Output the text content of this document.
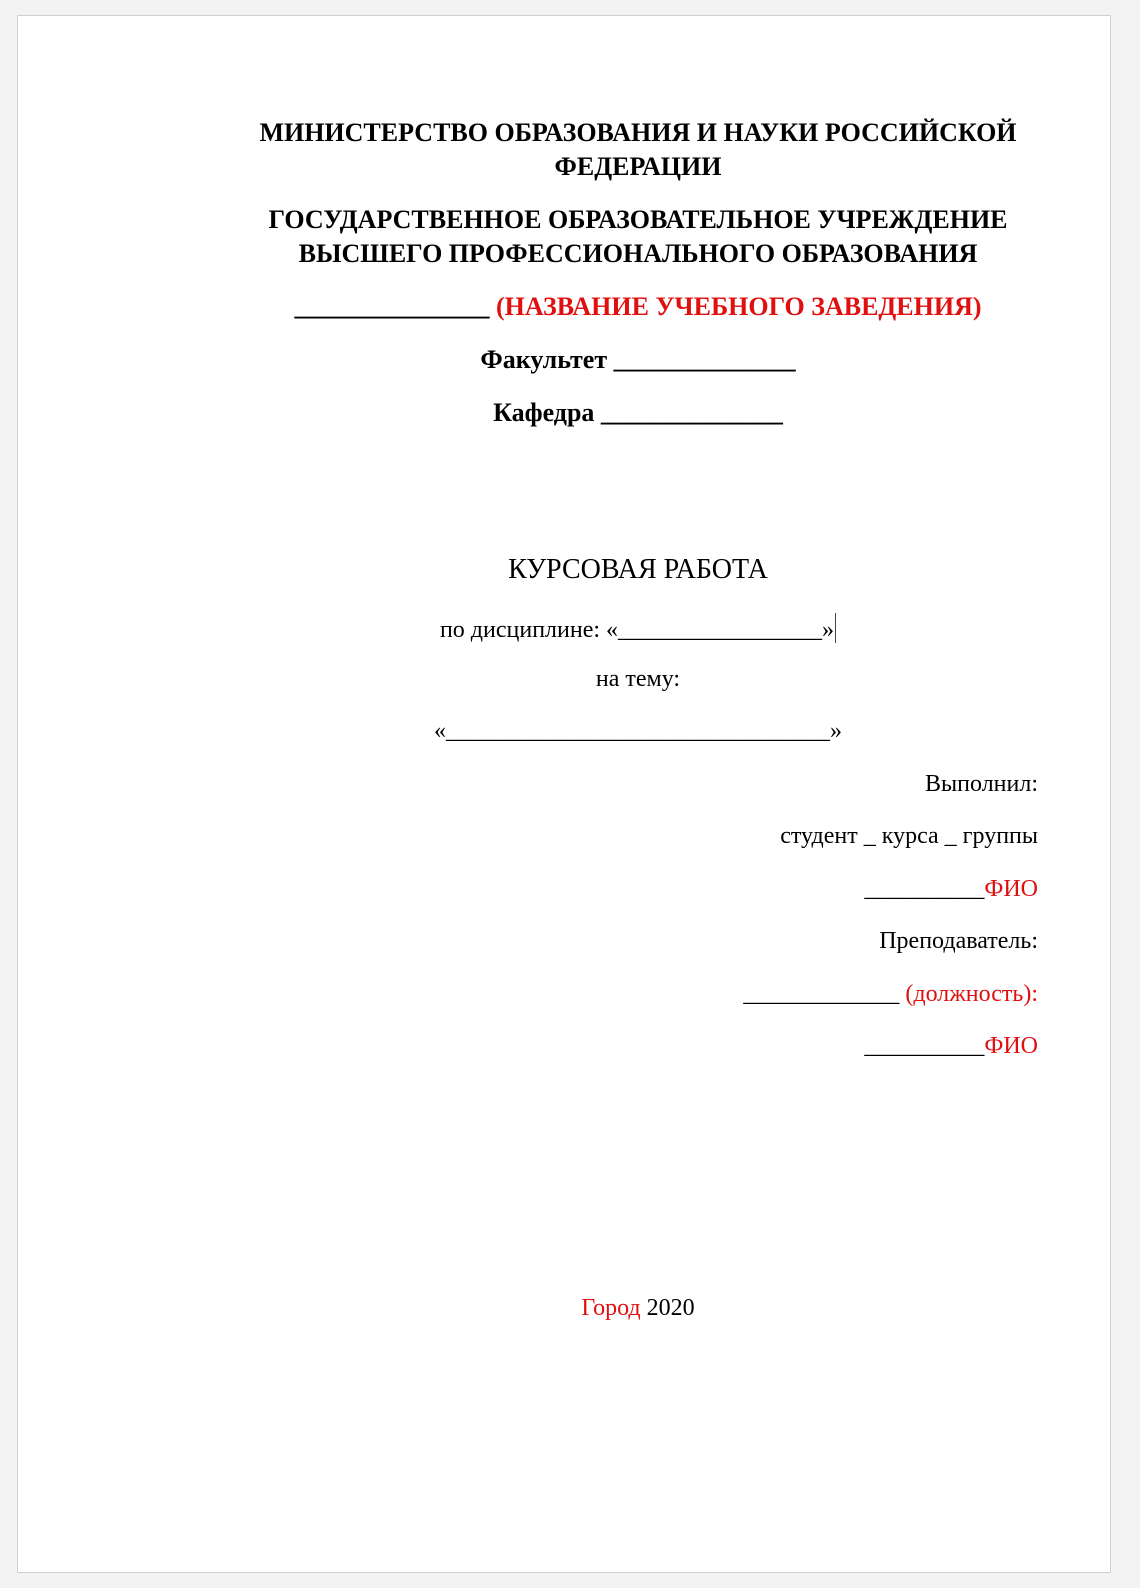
МИНИСТЕРСТВО ОБРАЗОВАНИЯ И НАУКИ РОССИЙСКОЙ
ФЕДЕРАЦИИ
ГОСУДАРСТВЕННОЕ ОБРАЗОВАТЕЛЬНОЕ УЧРЕЖДЕНИЕ
ВЫСШЕГО ПРОФЕССИОНАЛЬНОГО ОБРАЗОВАНИЯ
_______________ (НАЗВАНИЕ УЧЕБНОГО ЗАВЕДЕНИЯ)
Факультет ______________
Кафедра ______________
КУРСОВАЯ РАБОТА
по дисциплине: «_________________»
на тему:
«________________________________»
Выполнил:
студент _ курса _ группы
__________ФИО
Преподаватель:
_____________ (должность):
__________ФИО
Город 2020
